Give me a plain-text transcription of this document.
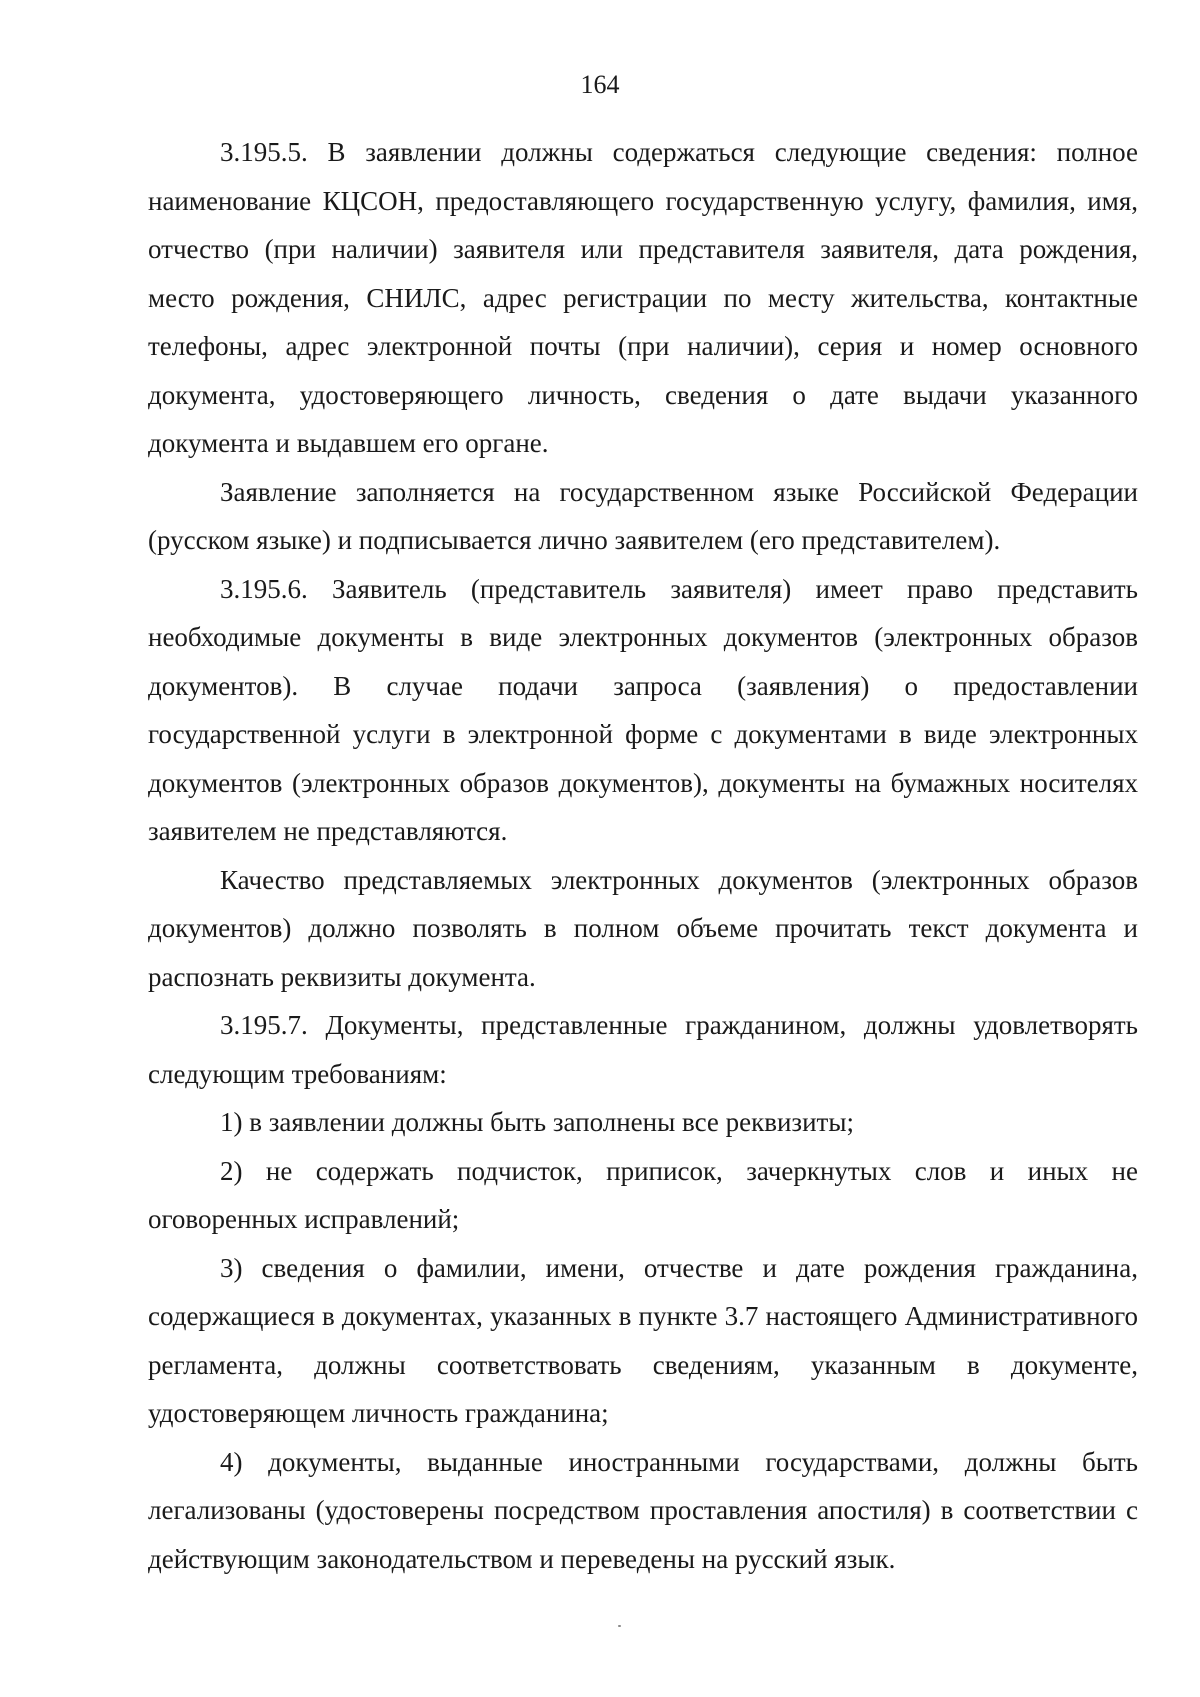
164

3.195.5. В заявлении должны содержаться следующие сведения: полное наименование КЦСОН, предоставляющего государственную услугу, фамилия, имя, отчество (при наличии) заявителя или представителя заявителя, дата рождения, место рождения, СНИЛС, адрес регистрации по месту жительства, контактные телефоны, адрес электронной почты (при наличии), серия и номер основного документа, удостоверяющего личность, сведения о дате выдачи указанного документа и выдавшем его органе.

Заявление заполняется на государственном языке Российской Федерации (русском языке) и подписывается лично заявителем (его представителем).

3.195.6. Заявитель (представитель заявителя) имеет право представить необходимые документы в виде электронных документов (электронных образов документов). В случае подачи запроса (заявления) о предоставлении государственной услуги в электронной форме с документами в виде электронных документов (электронных образов документов), документы на бумажных носителях заявителем не представляются.

Качество представляемых электронных документов (электронных образов документов) должно позволять в полном объеме прочитать текст документа и распознать реквизиты документа.

3.195.7. Документы, представленные гражданином, должны удовлетворять следующим требованиям:

1) в заявлении должны быть заполнены все реквизиты;

2) не содержать подчисток, приписок, зачеркнутых слов и иных не оговоренных исправлений;

3) сведения о фамилии, имени, отчестве и дате рождения гражданина, содержащиеся в документах, указанных в пункте 3.7 настоящего Административного регламента, должны соответствовать сведениям, указанным в документе, удостоверяющем личность гражданина;

4) документы, выданные иностранными государствами, должны быть легализованы (удостоверены посредством проставления апостиля) в соответствии с действующим законодательством и переведены на русский язык.
